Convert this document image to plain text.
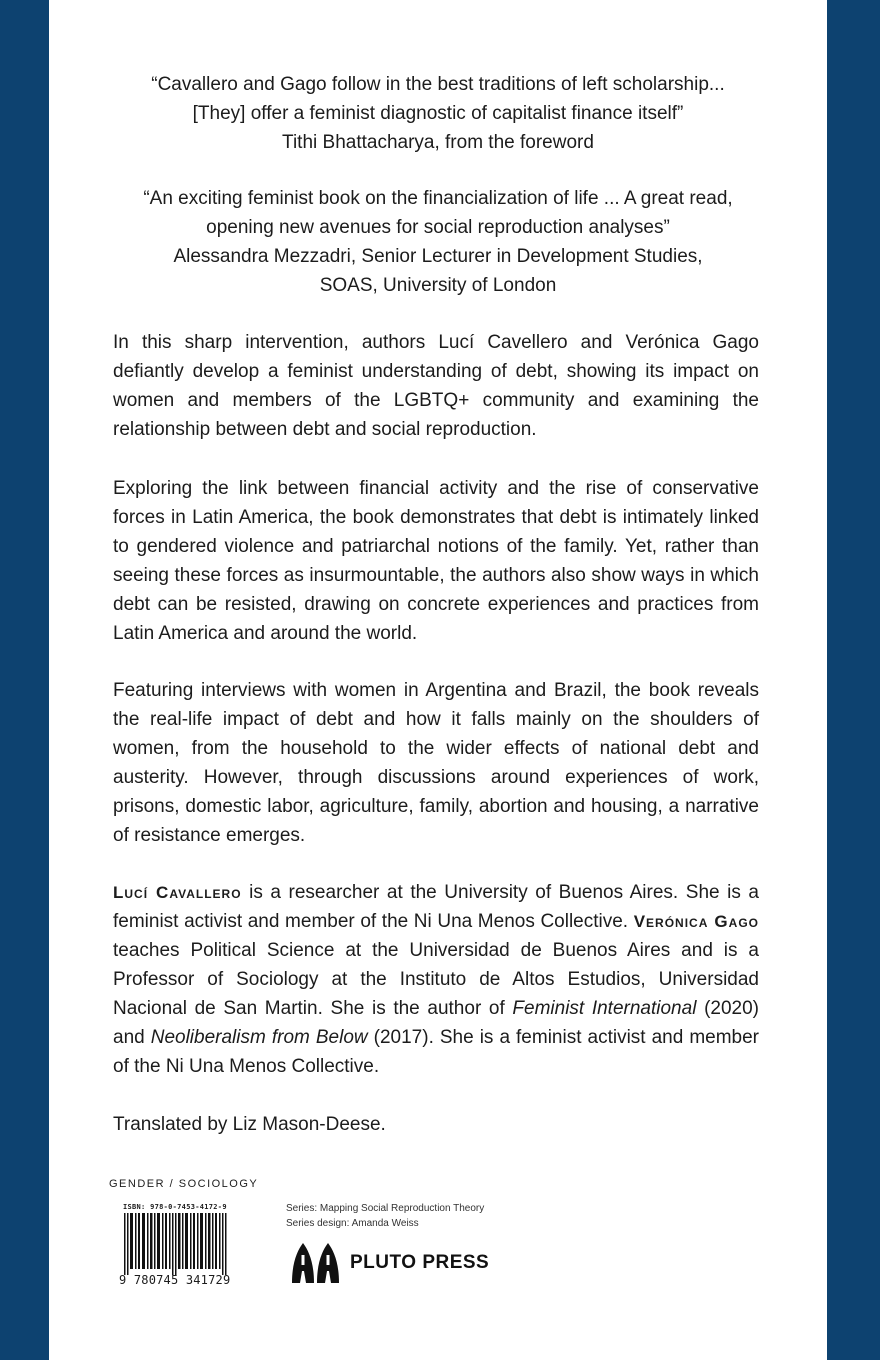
“Cavallero and Gago follow in the best traditions of left scholarship...
[They] offer a feminist diagnostic of capitalist finance itself”
Tithi Bhattacharya, from the foreword
“An exciting feminist book on the financialization of life ... A great read,
opening new avenues for social reproduction analyses”
Alessandra Mezzadri, Senior Lecturer in Development Studies,
SOAS, University of London

In this sharp intervention, authors Lucí Cavellero and Verónica Gago defiantly develop a feminist understanding of debt, showing its impact on women and members of the LGBTQ+ community and examining the relationship between debt and social reproduction.

Exploring the link between financial activity and the rise of conservative forces in Latin America, the book demonstrates that debt is intimately linked to gendered violence and patriarchal notions of the family. Yet, rather than seeing these forces as insurmountable, the authors also show ways in which debt can be resisted, drawing on concrete experiences and practices from Latin America and around the world.

Featuring interviews with women in Argentina and Brazil, the book reveals the real-life impact of debt and how it falls mainly on the shoulders of women, from the household to the wider effects of national debt and austerity. However, through discussions around experiences of work, prisons, domestic labor, agriculture, family, abortion and housing, a narrative of resistance emerges.

Lucí Cavallero is a researcher at the University of Buenos Aires. She is a feminist activist and member of the Ni Una Menos Collective. Verónica Gago teaches Political Science at the Universidad de Buenos Aires and is a Professor of Sociology at the Instituto de Altos Estudios, Universidad Nacional de San Martin. She is the author of Feminist International (2020) and Neoliberalism from Below (2017). She is a feminist activist and member of the Ni Una Menos Collective.

Translated by Liz Mason-Deese.

GENDER / SOCIOLOGY
ISBN: 978-0-7453-4172-9
9 780745 341729
Series: Mapping Social Reproduction Theory
Series design: Amanda Weiss
PLUTO PRESS
